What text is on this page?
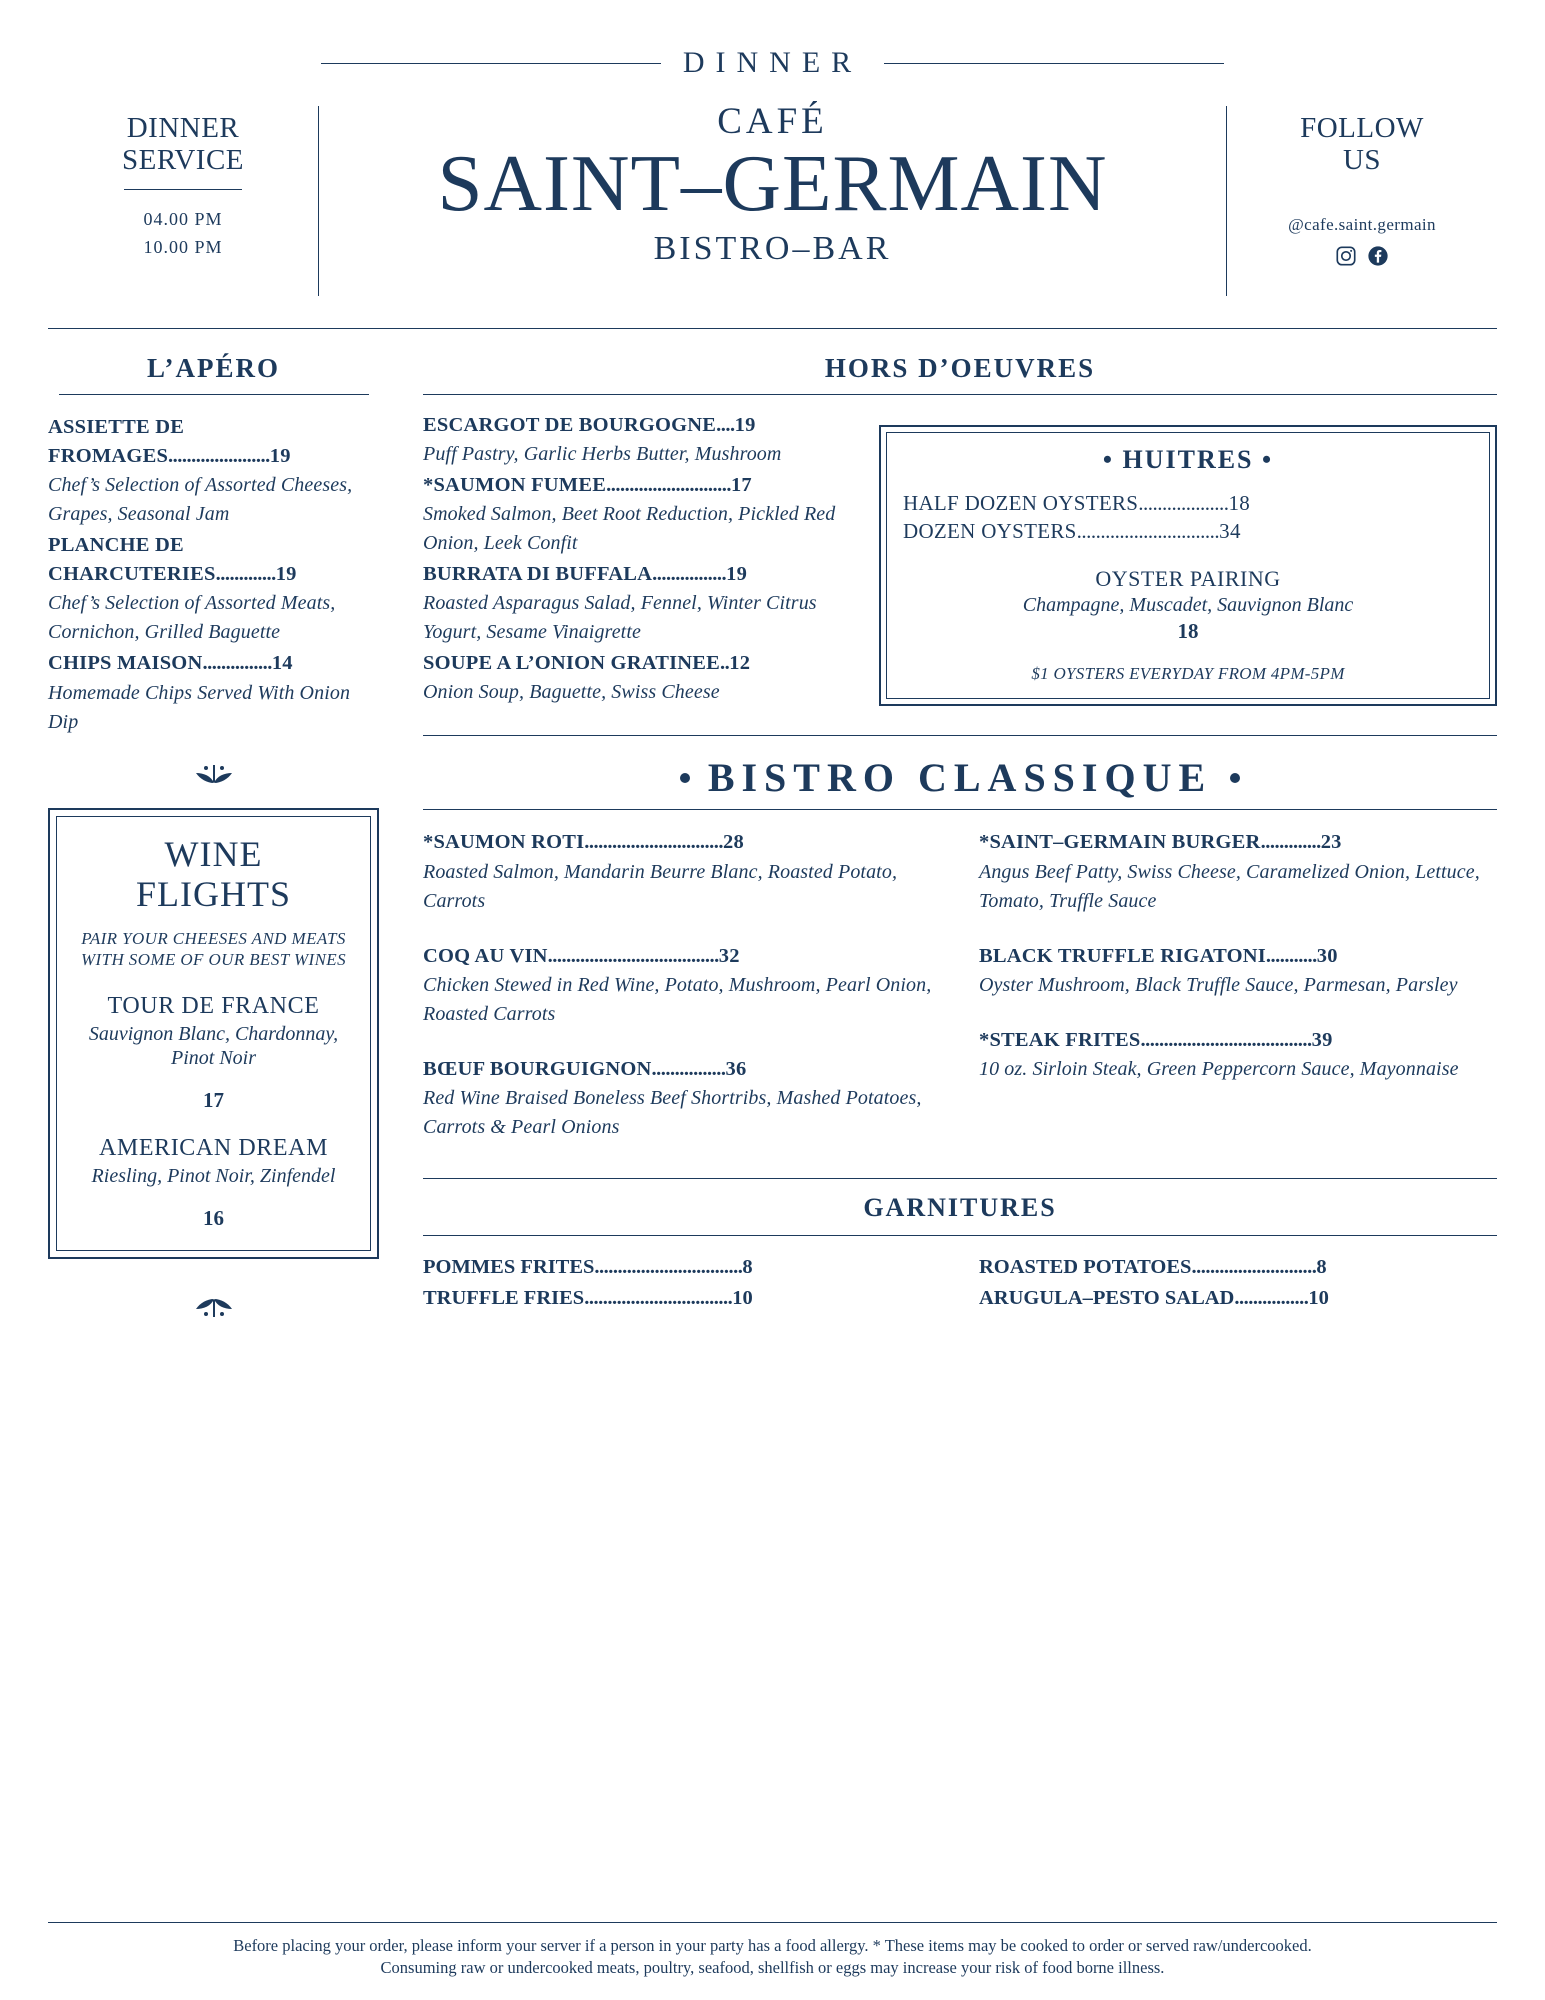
DINNER
DINNER
SERVICE
04.00 PM
10.00 PM
CAFÉ
SAINT–GERMAIN
BISTRO–BAR
FOLLOW
US
@cafe.saint.germain
L’APÉRO
ASSIETTE DE FROMAGES......................19
Chef’s Selection of Assorted Cheeses, Grapes, Seasonal Jam
PLANCHE DE CHARCUTERIES.............19
Chef’s Selection of Assorted Meats, Cornichon, Grilled Baguette
CHIPS MAISON...............14
Homemade Chips Served With Onion Dip
WINE
FLIGHTS
PAIR YOUR CHEESES AND MEATS WITH SOME OF OUR BEST WINES
TOUR DE FRANCE
Sauvignon Blanc, Chardonnay, Pinot Noir
17
AMERICAN DREAM
Riesling, Pinot Noir, Zinfendel
16
HORS D’OEUVRES
ESCARGOT DE BOURGOGNE....19
Puff Pastry, Garlic Herbs Butter, Mushroom
*SAUMON FUMEE...........................17
Smoked Salmon, Beet Root Reduction, Pickled Red Onion, Leek Confit
BURRATA DI BUFFALA................19
Roasted Asparagus Salad, Fennel, Winter Citrus Yogurt, Sesame Vinaigrette
SOUPE A L’ONION GRATINEE..12
Onion Soup, Baguette, Swiss Cheese
• HUITRES •
HALF DOZEN OYSTERS...................18
DOZEN OYSTERS..............................34
OYSTER PAIRING
Champagne, Muscadet, Sauvignon Blanc
18
$1 OYSTERS EVERYDAY FROM 4PM-5PM
BISTRO CLASSIQUE
*SAUMON ROTI..............................28
Roasted Salmon, Mandarin Beurre Blanc, Roasted Potato, Carrots
COQ AU VIN.....................................32
Chicken Stewed in Red Wine, Potato, Mushroom, Pearl Onion, Roasted Carrots
BŒUF BOURGUIGNON................36
Red Wine Braised Boneless Beef Shortribs, Mashed Potatoes, Carrots & Pearl Onions
*SAINT–GERMAIN BURGER.............23
Angus Beef Patty, Swiss Cheese, Caramelized Onion, Lettuce, Tomato, Truffle Sauce
BLACK TRUFFLE RIGATONI...........30
Oyster Mushroom, Black Truffle Sauce, Parmesan, Parsley
*STEAK FRITES.....................................39
10 oz. Sirloin Steak, Green Peppercorn Sauce, Mayonnaise
GARNITURES
POMMES FRITES................................8
TRUFFLE FRIES................................10
ROASTED POTATOES...........................8
ARUGULA–PESTO SALAD................10

Before placing your order, please inform your server if a person in your party has a food allergy. * These items may be cooked to order or served raw/undercooked.

Consuming raw or undercooked meats, poultry, seafood, shellfish or eggs may increase your risk of food borne illness.
